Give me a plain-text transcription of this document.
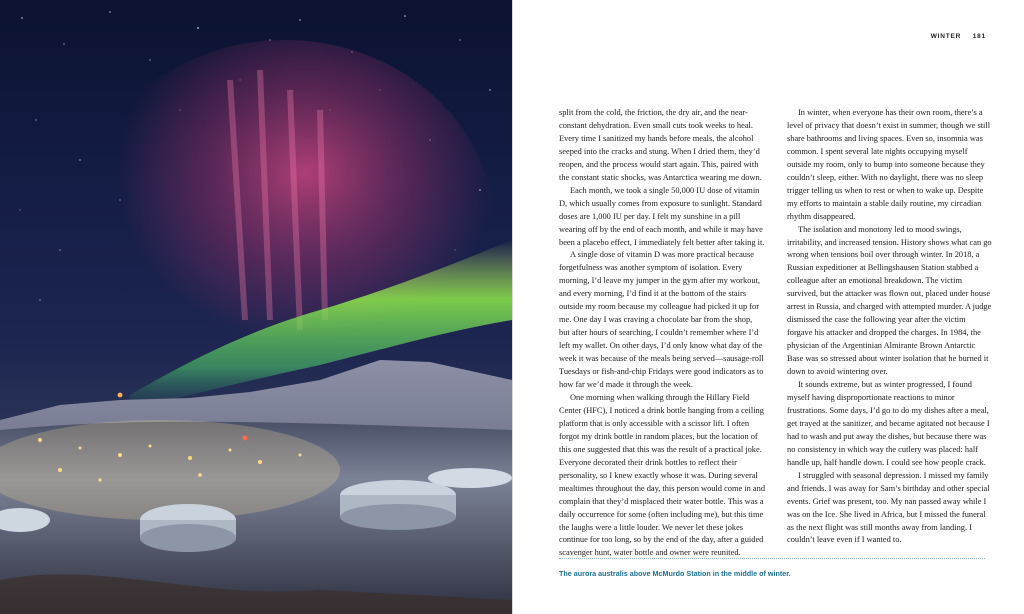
WINTER 181

split from the cold, the friction, the dry air, and the near-constant dehydration. Even small cuts took weeks to heal. Every time I sanitized my hands before meals, the alcohol seeped into the cracks and stung. When I dried them, they’d reopen, and the process would start again. This, paired with the constant static shocks, was Antarctica wearing me down.

Each month, we took a single 50,000 IU dose of vitamin D, which usually comes from exposure to sunlight. Standard doses are 1,000 IU per day. I felt my sunshine in a pill wearing off by the end of each month, and while it may have been a placebo effect, I immediately felt better after taking it.

A single dose of vitamin D was more practical because forgetfulness was another symptom of isolation. Every morning, I’d leave my jumper in the gym after my workout, and every morning, I’d find it at the bottom of the stairs outside my room because my colleague had picked it up for me. One day I was craving a chocolate bar from the shop, but after hours of searching, I couldn’t remember where I’d left my wallet. On other days, I’d only know what day of the week it was because of the meals being served—sausage-roll Tuesdays or fish-and-chip Fridays were good indicators as to how far we’d made it through the week.

One morning when walking through the Hillary Field Center (HFC), I noticed a drink bottle hanging from a ceiling platform that is only accessible with a scissor lift. I often forgot my drink bottle in random places, but the location of this one suggested that this was the result of a practical joke. Everyone decorated their drink bottles to reflect their personality, so I knew exactly whose it was. During several mealtimes throughout the day, this person would come in and complain that they’d misplaced their water bottle. This was a daily occurrence for some (often including me), but this time the laughs were a little louder. We never let these jokes continue for too long, so by the end of the day, after a guided scavenger hunt, water bottle and owner were reunited.

In winter, when everyone has their own room, there’s a level of privacy that doesn’t exist in summer, though we still share bathrooms and living spaces. Even so, insomnia was common. I spent several late nights occupying myself outside my room, only to bump into someone because they couldn’t sleep, either. With no daylight, there was no sleep trigger telling us when to rest or when to wake up. Despite my efforts to maintain a stable daily routine, my circadian rhythm disappeared.

The isolation and monotony led to mood swings, irritability, and increased tension. History shows what can go wrong when tensions boil over through winter. In 2018, a Russian expeditioner at Bellingshausen Station stabbed a colleague after an emotional breakdown. The victim survived, but the attacker was flown out, placed under house arrest in Russia, and charged with attempted murder. A judge dismissed the case the following year after the victim forgave his attacker and dropped the charges. In 1984, the physician of the Argentinian Almirante Brown Antarctic Base was so stressed about winter isolation that he burned it down to avoid wintering over.

It sounds extreme, but as winter progressed, I found myself having disproportionate reactions to minor frustrations. Some days, I’d go to do my dishes after a meal, get trayed at the sanitizer, and became agitated not because I had to wash and put away the dishes, but because there was no consistency in which way the cutlery was placed: half handle up, half handle down. I could see how people crack.

I struggled with seasonal depression. I missed my family and friends. I was away for Sam’s birthday and other special events. Grief was present, too. My nan passed away while I was on the Ice. She lived in Africa, but I missed the funeral as the next flight was still months away from landing. I couldn’t leave even if I wanted to.

The aurora australis above McMurdo Station in the middle of winter.
